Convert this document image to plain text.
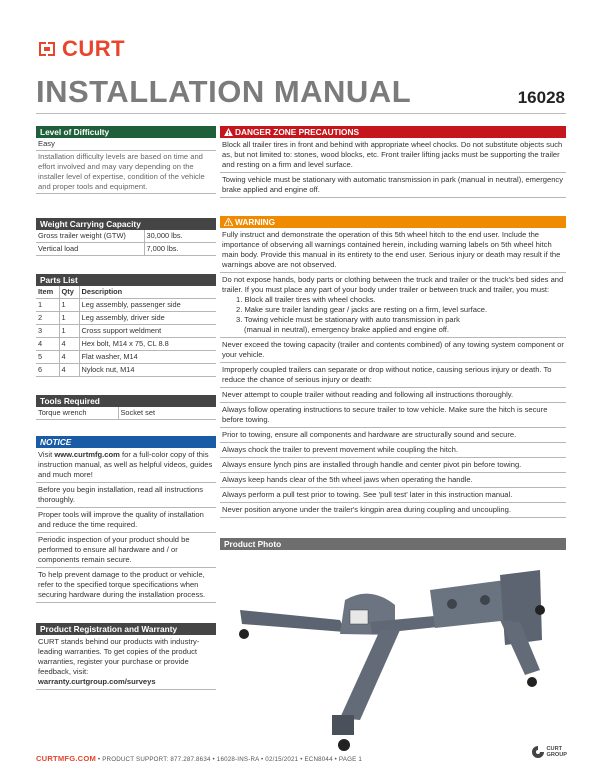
CURT
INSTALLATION MANUAL	16028
Level of Difficulty
Easy
Installation difficulty levels are based on time and effort involved and may vary depending on the installer level of expertise, condition of the vehicle and proper tools and equipment.
Weight Carrying Capacity
Gross trailer weight (GTW)	30,000 lbs.
Vertical load	7,000 lbs.
Parts List
Item	Qty	Description
1	1	Leg assembly, passenger side
2	1	Leg assembly, driver side
3	1	Cross support weldment
4	4	Hex bolt, M14 x 75, CL 8.8
5	4	Flat washer, M14
6	4	Nylock nut, M14
Tools Required
Torque wrench	Socket set
NOTICE
Visit www.curtmfg.com for a full-color copy of this instruction manual, as well as helpful videos, guides and much more!
Before you begin installation, read all instructions thoroughly.
Proper tools will improve the quality of installation and reduce the time required.
Periodic inspection of your product should be performed to ensure all hardware and / or components remain secure.
To help prevent damage to the product or vehicle, refer to the specified torque specifications when securing hardware during the installation process.
Product Registration and Warranty
CURT stands behind our products with industry-leading warranties. To get copies of the product warranties, register your purchase or provide feedback, visit:
warranty.curtgroup.com/surveys
DANGER ZONE PRECAUTIONS
Block all trailer tires in front and behind with appropriate wheel chocks. Do not substitute objects such as, but not limited to: stones, wood blocks, etc. Front trailer lifting jacks must be supporting the trailer and resting on a firm and level surface.
Towing vehicle must be stationary with automatic transmission in park (manual in neutral), emergency brake applied and engine off.
WARNING
Fully instruct and demonstrate the operation of this 5th wheel hitch to the end user. Include the importance of observing all warnings contained herein, including warning labels on 5th wheel hitch main body. Provide this manual in its entirety to the end user. Serious injury or death may result if the warnings above are not observed.
Do not expose hands, body parts or clothing between the truck and trailer or the truck's bed sides and trailer. If you must place any part of your body under trailer or between truck and trailer, you must:
1. Block all trailer tires with wheel chocks.
2. Make sure trailer landing gear / jacks are resting on a firm, level surface.
3. Towing vehicle must be stationary with auto transmission in park
(manual in neutral), emergency brake applied and engine off.
Never exceed the towing capacity (trailer and contents combined) of any towing system component or your vehicle.
Improperly coupled trailers can separate or drop without notice, causing serious injury or death. To reduce the chance of serious injury or death:
Never attempt to couple trailer without reading and following all instructions thoroughly.
Always follow operating instructions to secure trailer to tow vehicle. Make sure the hitch is secure before towing.
Prior to towing, ensure all components and hardware are structurally sound and secure.
Always chock the trailer to prevent movement while coupling the hitch.
Always ensure lynch pins are installed through handle and center pivot pin before towing.
Always keep hands clear of the 5th wheel jaws when operating the handle.
Always perform a pull test prior to towing. See 'pull test' later in this instruction manual.
Never position anyone under the trailer's kingpin area during coupling and uncoupling.
Product Photo
CURTMFG.COM • PRODUCT SUPPORT: 877.287.8634 • 16028-INS-RA • 02/15/2021 • ECN8044 • PAGE 1
CURT
GROUP
